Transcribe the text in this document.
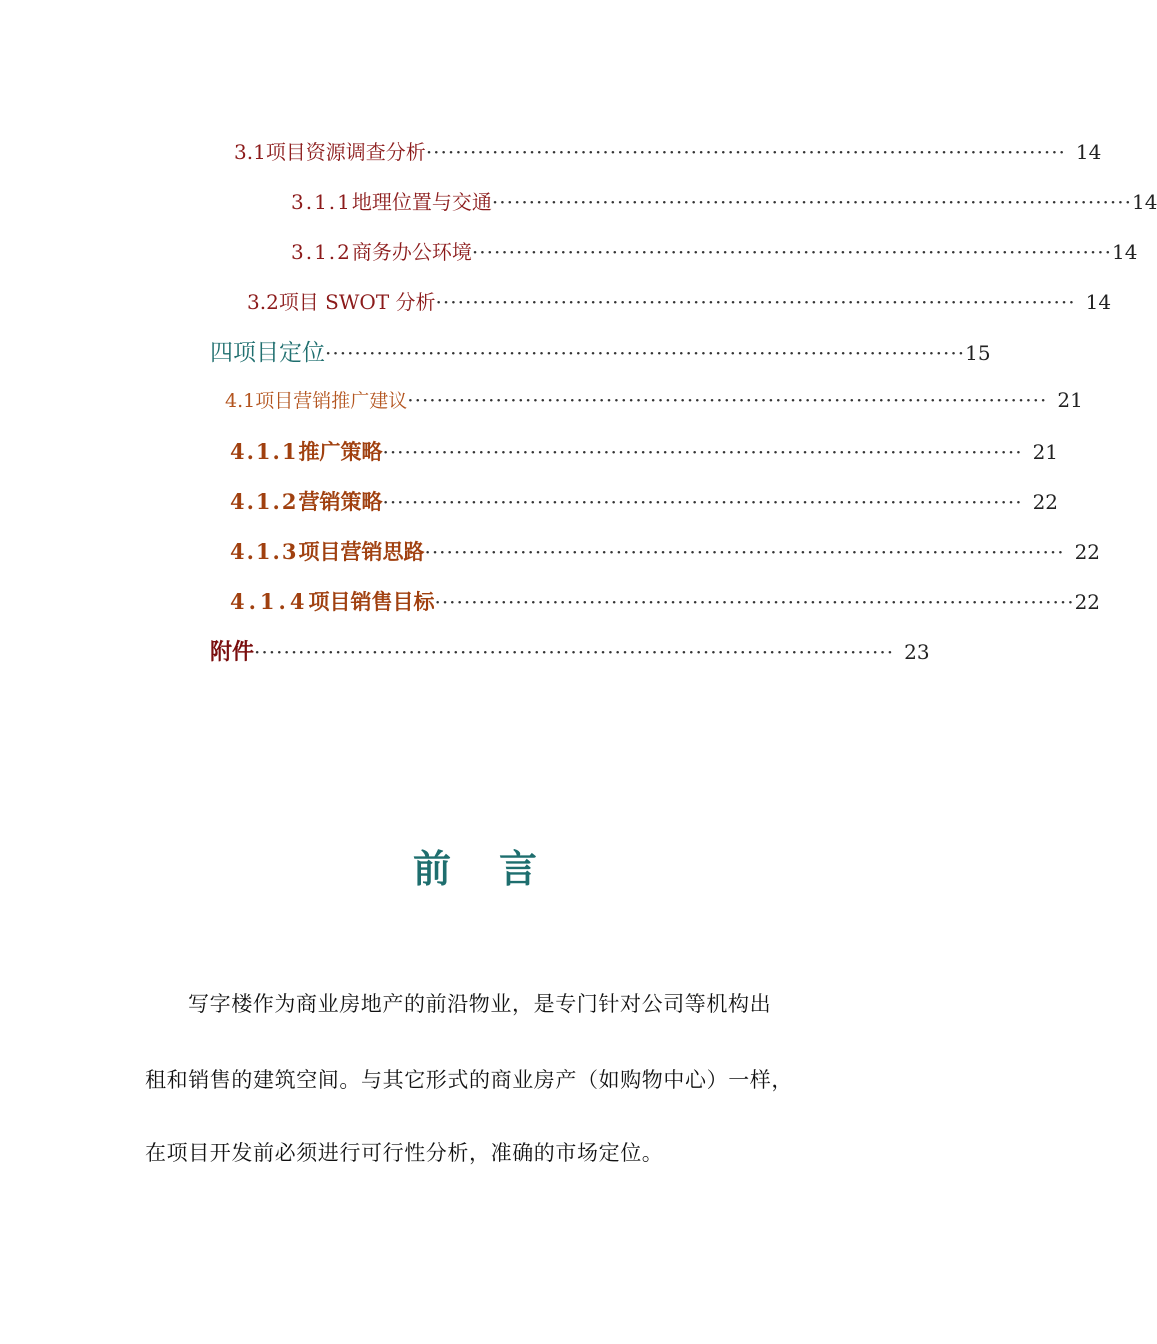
3.1 项目资源调查分析 ······················································································· 14
3.1.1 地理位置与交通 ······················································································· 14
3.1.2 商务办公环境 ······················································································· 14
3.2 项目 SWOT 分析 ······················································································· 14
四 项目定位 ······················································································· 15
4.1 项目营销推广建议 ······················································································· 21
4.1.1 推广策略 ······················································································· 21
4.1.2 营销策略 ······················································································· 22
4.1.3 项目营销思路 ······················································································· 22
4.1.4 项目销售目标 ······················································································· 22
附 件 ······················································································· 23
前言
写字楼作为商业房地产的前沿物业，是专门针对公司等机构出
租和销售的建筑空间。与其它形式的商业房产（如购物中心）一样，
在项目开发前必须进行可行性分析，准确的市场定位。
